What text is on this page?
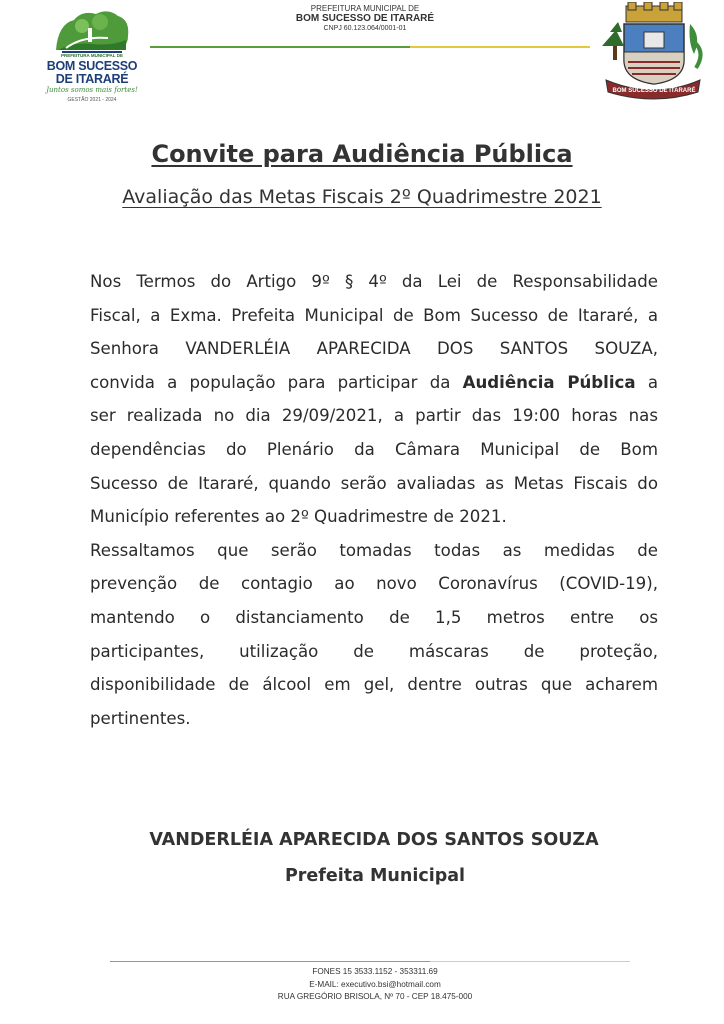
PREFEITURA MUNICIPAL DE
BOM SUCESSO
DE ITARARÉ
Juntos somos mais fortes!
GESTÃO 2021 - 2024
PREFEITURA MUNICIPAL DE
BOM SUCESSO DE ITARARÉ
CNPJ 60.123.064/0001-01
BOM SUCESSO DE ITARARÉ
Convite para Audiência Pública
Avaliação das Metas Fiscais 2º Quadrimestre 2021
Nos Termos do Artigo 9º § 4º da Lei de Responsabilidade
Fiscal, a Exma. Prefeita Municipal de Bom Sucesso de Itararé, a
Senhora VANDERLÉIA APARECIDA DOS SANTOS SOUZA,
convida a população para participar da Audiência Pública a
ser realizada no dia 29/09/2021, a partir das 19:00 horas nas
dependências do Plenário da Câmara Municipal de Bom
Sucesso de Itararé, quando serão avaliadas as Metas Fiscais do
Município referentes ao 2º Quadrimestre de 2021.
Ressaltamos que serão tomadas todas as medidas de
prevenção de contagio ao novo Coronavírus (COVID-19),
mantendo o distanciamento de 1,5 metros entre os
participantes, utilização de máscaras de proteção,
disponibilidade de álcool em gel, dentre outras que acharem
pertinentes.
VANDERLÉIA APARECIDA DOS SANTOS SOUZA
Prefeita Municipal
FONES 15 3533.1152 - 353311.69
E-MAIL: executivo.bsi@hotmail.com
RUA GREGÓRIO BRISOLA, Nº 70 - CEP 18.475-000
